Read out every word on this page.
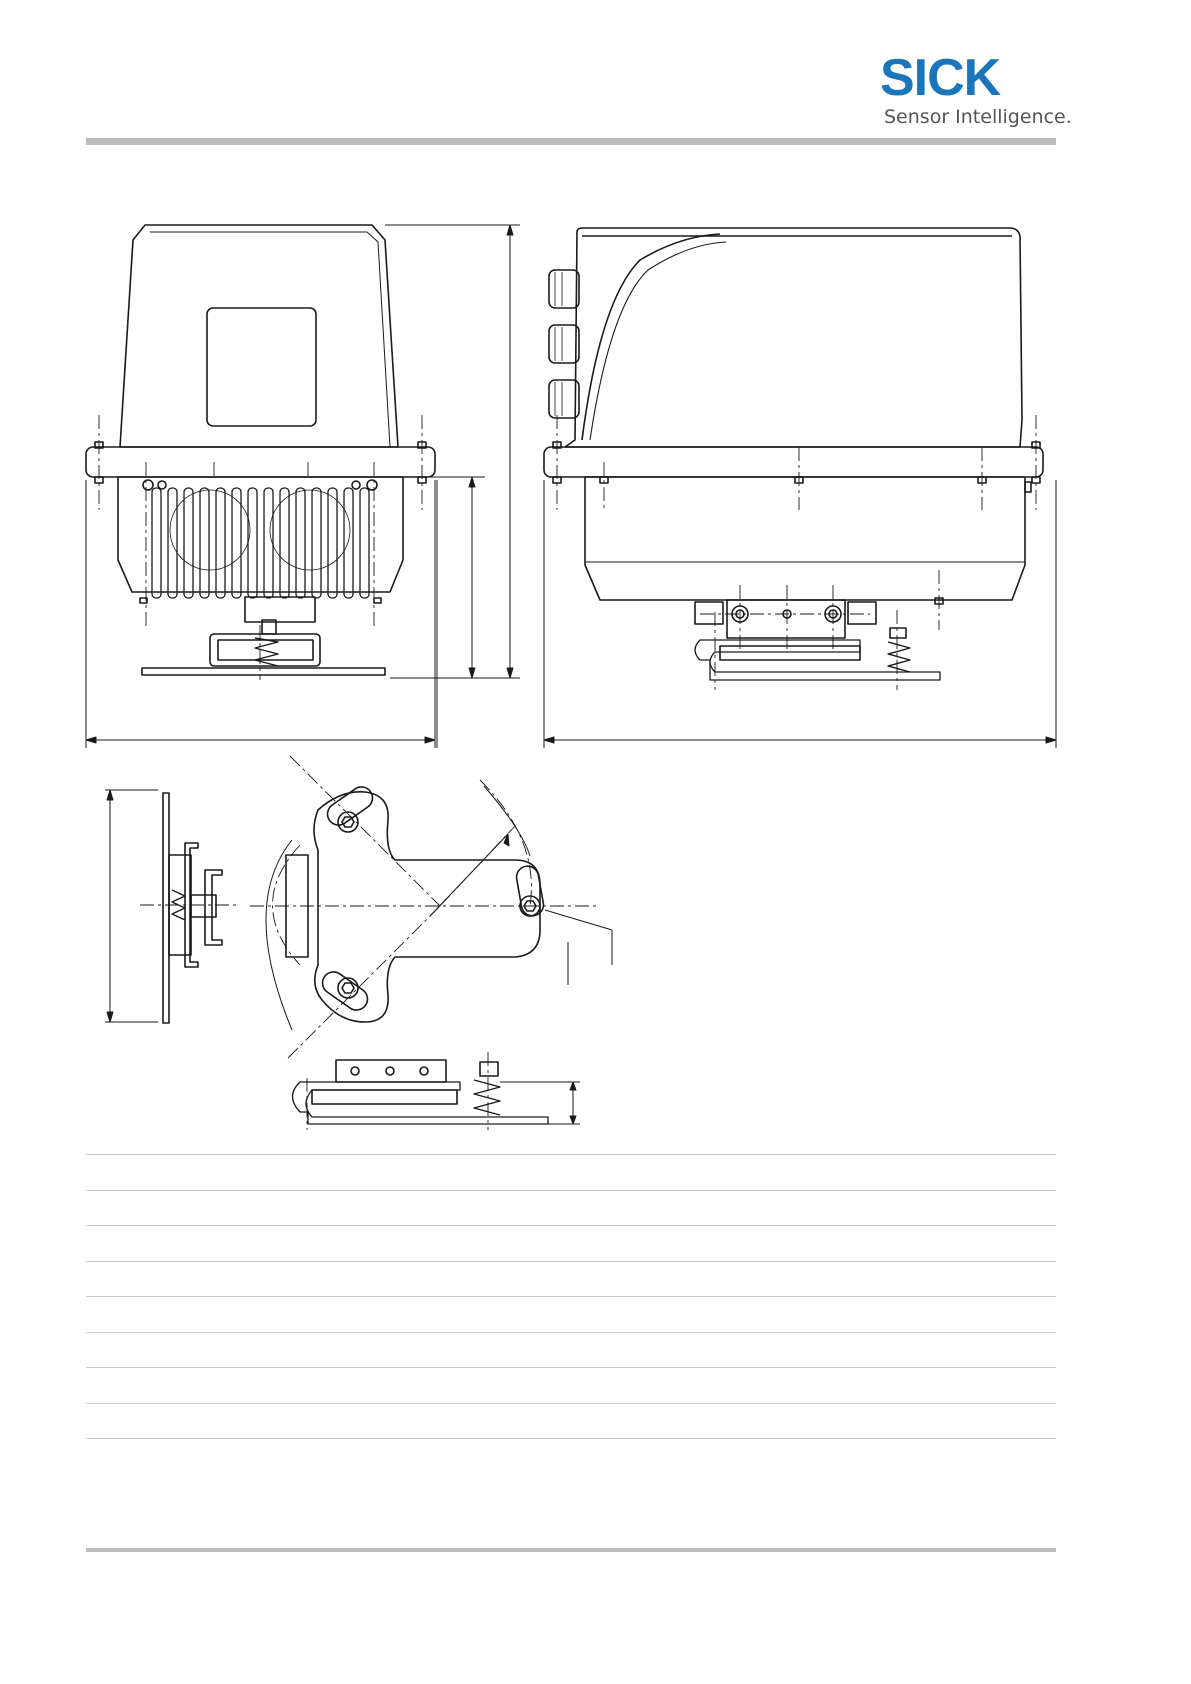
SICK
Sensor Intelligence.
